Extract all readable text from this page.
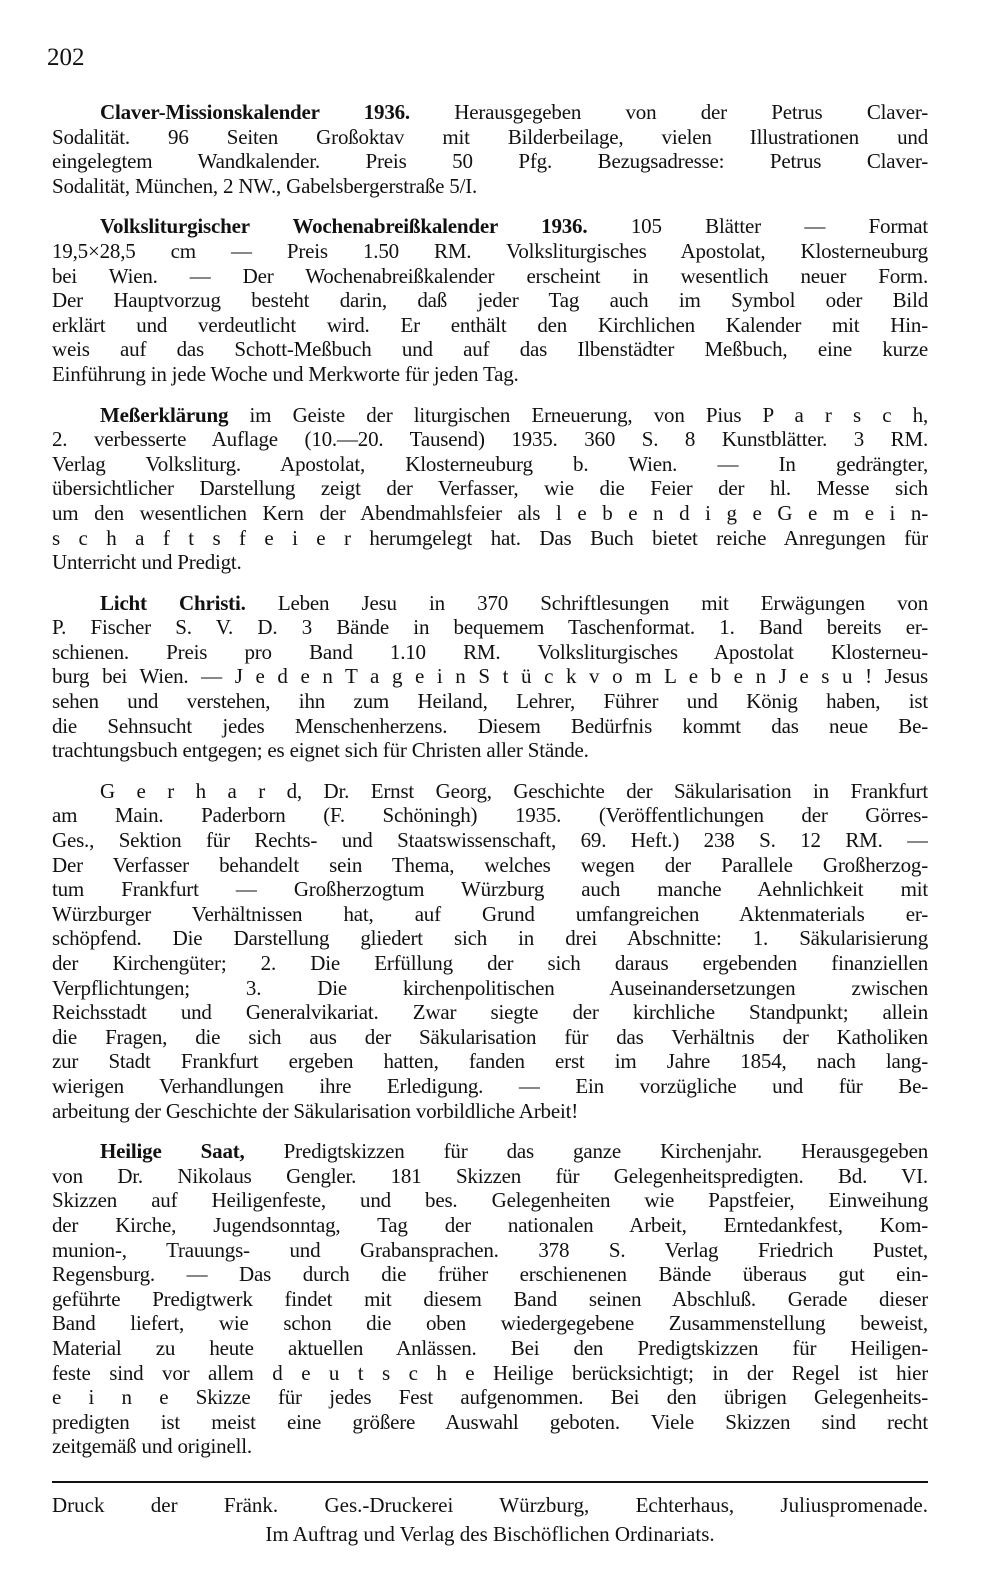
202
Claver-Missionskalender 1936. Herausgegeben von der Petrus Claver-
Sodalität. 96 Seiten Großoktav mit Bilderbeilage, vielen Illustrationen und
eingelegtem Wandkalender. Preis 50 Pfg. Bezugsadresse: Petrus Claver-
Sodalität, München, 2 NW., Gabelsbergerstraße 5/I.
Volksliturgischer Wochenabreißkalender 1936. 105 Blätter — Format
19,5×28,5 cm — Preis 1.50 RM. Volksliturgisches Apostolat, Klosterneuburg
bei Wien. — Der Wochenabreißkalender erscheint in wesentlich neuer Form.
Der Hauptvorzug besteht darin, daß jeder Tag auch im Symbol oder Bild
erklärt und verdeutlicht wird. Er enthält den Kirchlichen Kalender mit Hin-
weis auf das Schott-Meßbuch und auf das Ilbenstädter Meßbuch, eine kurze
Einführung in jede Woche und Merkworte für jeden Tag.
Meßerklärung im Geiste der liturgischen Erneuerung, von Pius P a r s c h,
2. verbesserte Auflage (10.—20. Tausend) 1935. 360 S. 8 Kunstblätter. 3 RM.
Verlag Volksliturg. Apostolat, Klosterneuburg b. Wien. — In gedrängter,
übersichtlicher Darstellung zeigt der Verfasser, wie die Feier der hl. Messe sich
um den wesentlichen Kern der Abendmahlsfeier als l e b e n d i g e G e m e i n-
s c h a f t s f e i e r herumgelegt hat. Das Buch bietet reiche Anregungen für
Unterricht und Predigt.
Licht Christi. Leben Jesu in 370 Schriftlesungen mit Erwägungen von
P. Fischer S. V. D. 3 Bände in bequemem Taschenformat. 1. Band bereits er-
schienen. Preis pro Band 1.10 RM. Volksliturgisches Apostolat Klosterneu-
burg bei Wien. — J e d e n T a g e i n S t ü c k v o m L e b e n J e s u ! Jesus
sehen und verstehen, ihn zum Heiland, Lehrer, Führer und König haben, ist
die Sehnsucht jedes Menschenherzens. Diesem Bedürfnis kommt das neue Be-
trachtungsbuch entgegen; es eignet sich für Christen aller Stände.
G e r h a r d, Dr. Ernst Georg, Geschichte der Säkularisation in Frankfurt
am Main. Paderborn (F. Schöningh) 1935. (Veröffentlichungen der Görres-
Ges., Sektion für Rechts- und Staatswissenschaft, 69. Heft.) 238 S. 12 RM. —
Der Verfasser behandelt sein Thema, welches wegen der Parallele Großherzog-
tum Frankfurt — Großherzogtum Würzburg auch manche Aehnlichkeit mit
Würzburger Verhältnissen hat, auf Grund umfangreichen Aktenmaterials er-
schöpfend. Die Darstellung gliedert sich in drei Abschnitte: 1. Säkularisierung
der Kirchengüter; 2. Die Erfüllung der sich daraus ergebenden finanziellen
Verpflichtungen; 3. Die kirchenpolitischen Auseinandersetzungen zwischen
Reichsstadt und Generalvikariat. Zwar siegte der kirchliche Standpunkt; allein
die Fragen, die sich aus der Säkularisation für das Verhältnis der Katholiken
zur Stadt Frankfurt ergeben hatten, fanden erst im Jahre 1854, nach lang-
wierigen Verhandlungen ihre Erledigung. — Ein vorzügliche und für Be-
arbeitung der Geschichte der Säkularisation vorbildliche Arbeit!
Heilige Saat, Predigtskizzen für das ganze Kirchenjahr. Herausgegeben
von Dr. Nikolaus Gengler. 181 Skizzen für Gelegenheitspredigten. Bd. VI.
Skizzen auf Heiligenfeste, und bes. Gelegenheiten wie Papstfeier, Einweihung
der Kirche, Jugendsonntag, Tag der nationalen Arbeit, Erntedankfest, Kom-
munion-, Trauungs- und Grabansprachen. 378 S. Verlag Friedrich Pustet,
Regensburg. — Das durch die früher erschienenen Bände überaus gut ein-
geführte Predigtwerk findet mit diesem Band seinen Abschluß. Gerade dieser
Band liefert, wie schon die oben wiedergegebene Zusammenstellung beweist,
Material zu heute aktuellen Anlässen. Bei den Predigtskizzen für Heiligen-
feste sind vor allem d e u t s c h e Heilige berücksichtigt; in der Regel ist hier
e i n e Skizze für jedes Fest aufgenommen. Bei den übrigen Gelegenheits-
predigten ist meist eine größere Auswahl geboten. Viele Skizzen sind recht
zeitgemäß und originell.
Druck der Fränk. Ges.-Druckerei Würzburg, Echterhaus, Juliuspromenade.
Im Auftrag und Verlag des Bischöflichen Ordinariats.
